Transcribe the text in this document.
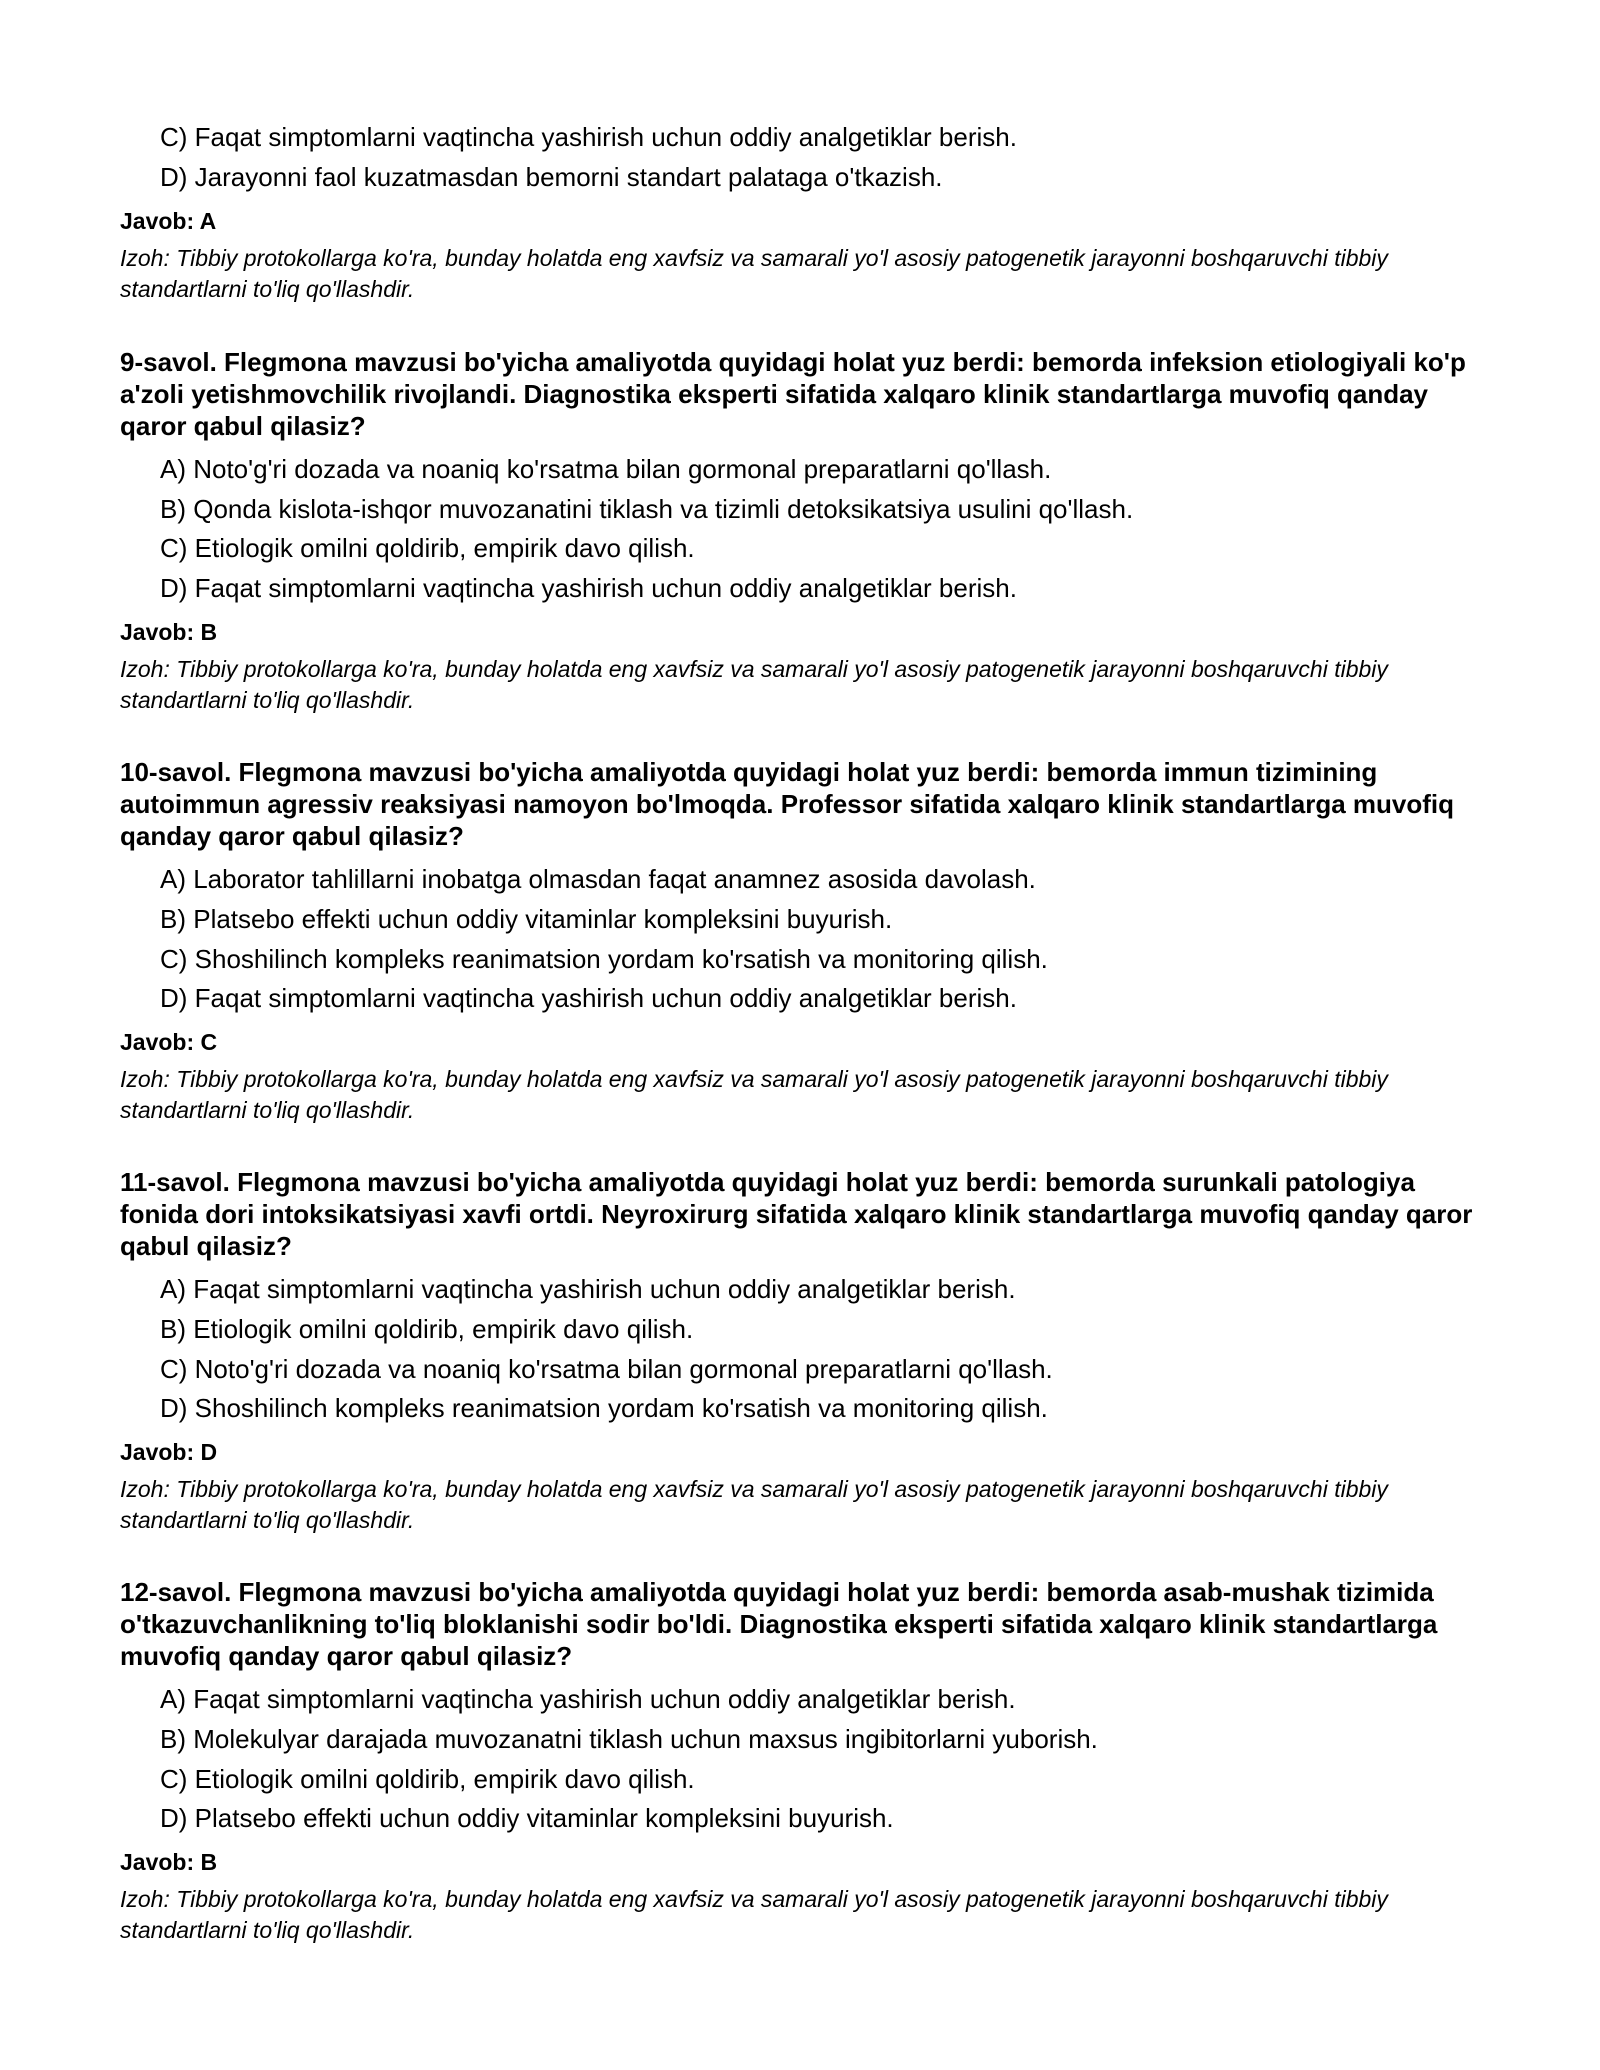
C) Faqat simptomlarni vaqtincha yashirish uchun oddiy analgetiklar berish.
D) Jarayonni faol kuzatmasdan bemorni standart palataga o'tkazish.
Javob: A
Izoh: Tibbiy protokollarga ko'ra, bunday holatda eng xavfsiz va samarali yo'l asosiy patogenetik jarayonni boshqaruvchi tibbiy standartlarni to'liq qo'llashdir.
9-savol. Flegmona mavzusi bo'yicha amaliyotda quyidagi holat yuz berdi: bemorda infeksion etiologiyali ko'p a'zoli yetishmovchilik rivojlandi. Diagnostika eksperti sifatida xalqaro klinik standartlarga muvofiq qanday qaror qabul qilasiz?
A) Noto'g'ri dozada va noaniq ko'rsatma bilan gormonal preparatlarni qo'llash.
B) Qonda kislota-ishqor muvozanatini tiklash va tizimli detoksikatsiya usulini qo'llash.
C) Etiologik omilni qoldirib, empirik davo qilish.
D) Faqat simptomlarni vaqtincha yashirish uchun oddiy analgetiklar berish.
Javob: B
Izoh: Tibbiy protokollarga ko'ra, bunday holatda eng xavfsiz va samarali yo'l asosiy patogenetik jarayonni boshqaruvchi tibbiy standartlarni to'liq qo'llashdir.
10-savol. Flegmona mavzusi bo'yicha amaliyotda quyidagi holat yuz berdi: bemorda immun tizimining autoimmun agressiv reaksiyasi namoyon bo'lmoqda. Professor sifatida xalqaro klinik standartlarga muvofiq qanday qaror qabul qilasiz?
A) Laborator tahlillarni inobatga olmasdan faqat anamnez asosida davolash.
B) Platsebo effekti uchun oddiy vitaminlar kompleksini buyurish.
C) Shoshilinch kompleks reanimatsion yordam ko'rsatish va monitoring qilish.
D) Faqat simptomlarni vaqtincha yashirish uchun oddiy analgetiklar berish.
Javob: C
Izoh: Tibbiy protokollarga ko'ra, bunday holatda eng xavfsiz va samarali yo'l asosiy patogenetik jarayonni boshqaruvchi tibbiy standartlarni to'liq qo'llashdir.
11-savol. Flegmona mavzusi bo'yicha amaliyotda quyidagi holat yuz berdi: bemorda surunkali patologiya fonida dori intoksikatsiyasi xavfi ortdi. Neyroxirurg sifatida xalqaro klinik standartlarga muvofiq qanday qaror qabul qilasiz?
A) Faqat simptomlarni vaqtincha yashirish uchun oddiy analgetiklar berish.
B) Etiologik omilni qoldirib, empirik davo qilish.
C) Noto'g'ri dozada va noaniq ko'rsatma bilan gormonal preparatlarni qo'llash.
D) Shoshilinch kompleks reanimatsion yordam ko'rsatish va monitoring qilish.
Javob: D
Izoh: Tibbiy protokollarga ko'ra, bunday holatda eng xavfsiz va samarali yo'l asosiy patogenetik jarayonni boshqaruvchi tibbiy standartlarni to'liq qo'llashdir.
12-savol. Flegmona mavzusi bo'yicha amaliyotda quyidagi holat yuz berdi: bemorda asab-mushak tizimida o'tkazuvchanlikning to'liq bloklanishi sodir bo'ldi. Diagnostika eksperti sifatida xalqaro klinik standartlarga muvofiq qanday qaror qabul qilasiz?
A) Faqat simptomlarni vaqtincha yashirish uchun oddiy analgetiklar berish.
B) Molekulyar darajada muvozanatni tiklash uchun maxsus ingibitorlarni yuborish.
C) Etiologik omilni qoldirib, empirik davo qilish.
D) Platsebo effekti uchun oddiy vitaminlar kompleksini buyurish.
Javob: B
Izoh: Tibbiy protokollarga ko'ra, bunday holatda eng xavfsiz va samarali yo'l asosiy patogenetik jarayonni boshqaruvchi tibbiy standartlarni to'liq qo'llashdir.
